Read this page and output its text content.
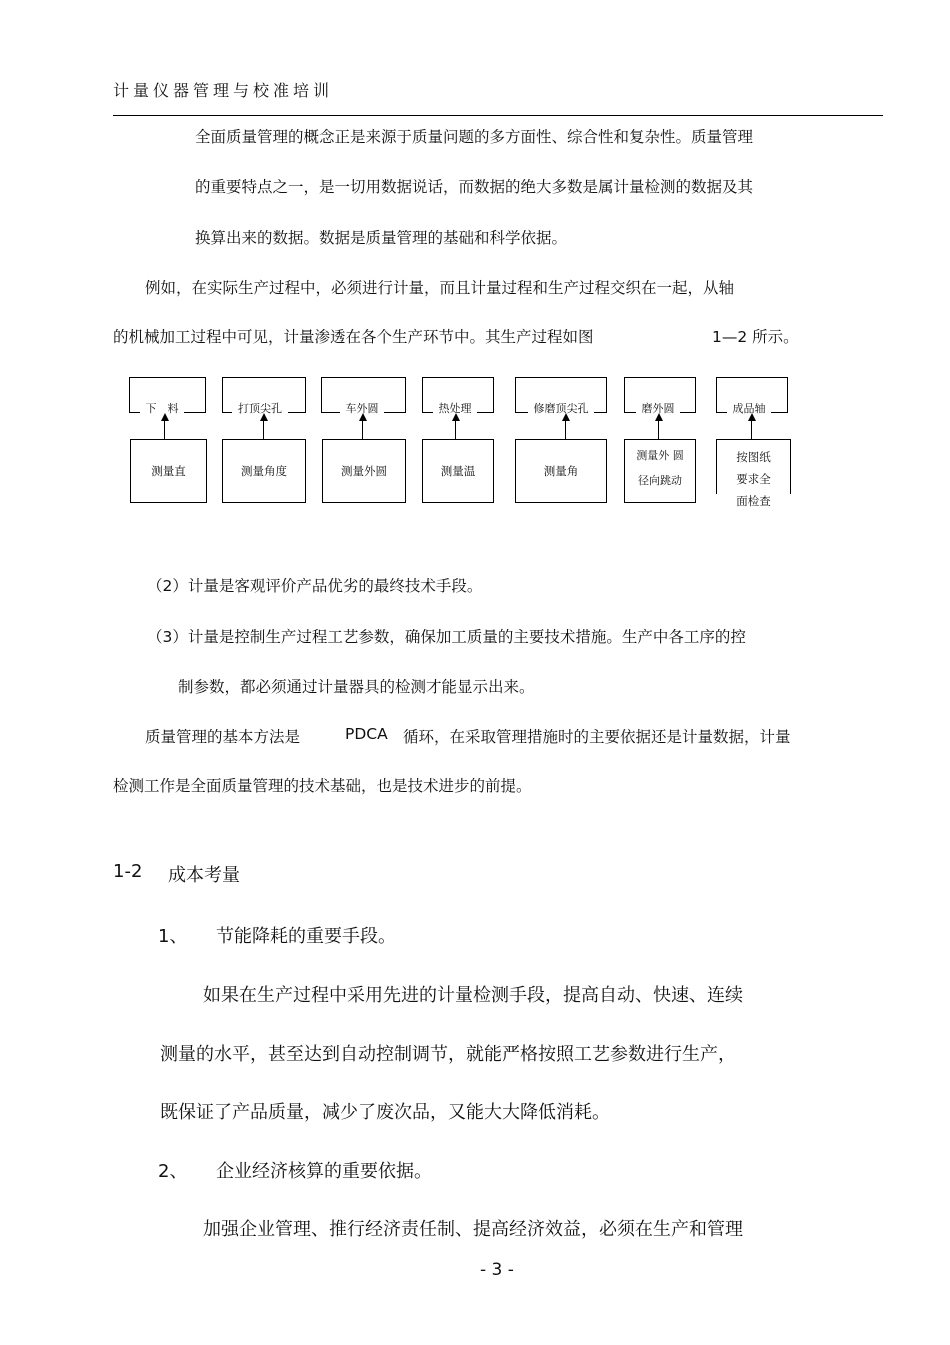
计量仪器管理与校准培训
全面质量管理的概念正是来源于质量问题的多方面性、综合性和复杂性。质量管理
的重要特点之一，是一切用数据说话，而数据的绝大多数是属计量检测的数据及其
换算出来的数据。数据是质量管理的基础和科学依据。
例如，在实际生产过程中，必须进行计量，而且计量过程和生产过程交织在一起，从轴
的机械加工过程中可见，计量渗透在各个生产环节中。其生产过程如图	1—2 所示。
下　料	打顶尖孔	车外圆	热处理	修磨顶尖孔	磨外圆	成品轴
测量直	测量角度	测量外圆	测量温	测量角
测量外 圆
径向跳动
按图纸
要求全
面检查
（2）计量是客观评价产品优劣的最终技术手段。
（3）计量是控制生产过程工艺参数，确保加工质量的主要技术措施。生产中各工序的控
制参数，都必须通过计量器具的检测才能显示出来。
质量管理的基本方法是	PDCA 循环，在采取管理措施时的主要依据还是计量数据，计量
检测工作是全面质量管理的技术基础，也是技术进步的前提。
1-2 成本考量
1、 节能降耗的重要手段。
如果在生产过程中采用先进的计量检测手段，提高自动、快速、连续
测量的水平，甚至达到自动控制调节，就能严格按照工艺参数进行生产，
既保证了产品质量，减少了废次品，又能大大降低消耗。
2、 企业经济核算的重要依据。
加强企业管理、推行经济责任制、提高经济效益，必须在生产和管理
- 3 -
